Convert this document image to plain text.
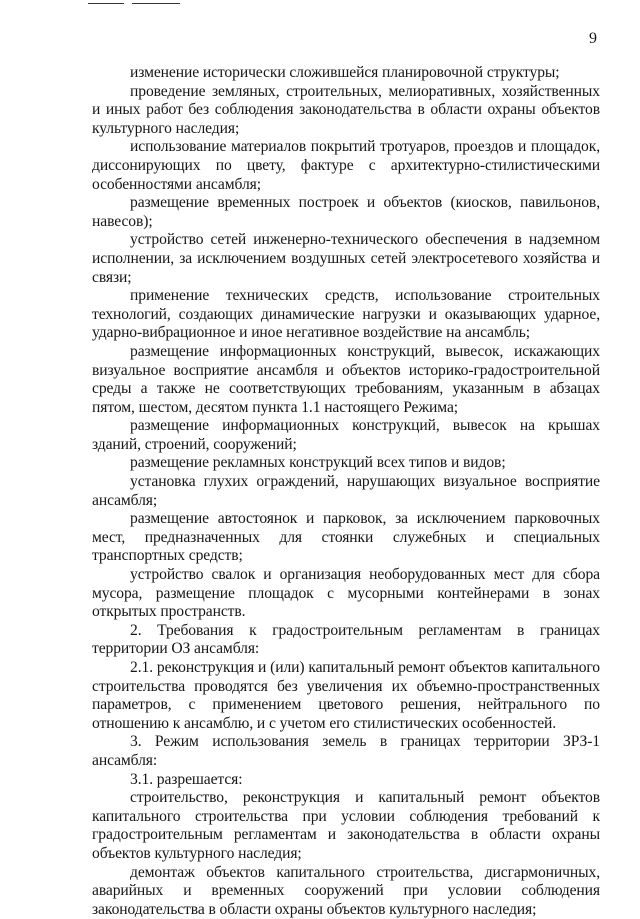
9

изменение исторически сложившейся планировочной структуры;

проведение земляных, строительных, мелиоративных, хозяйственных и иных работ без соблюдения законодательства в области охраны объектов культурного наследия;

использование материалов покрытий тротуаров, проездов и площадок, диссонирующих по цвету, фактуре с архитектурно-стилистическими особенностями ансамбля;

размещение временных построек и объектов (киосков, павильонов, навесов);

устройство сетей инженерно-технического обеспечения в надземном исполнении, за исключением воздушных сетей электросетевого хозяйства и связи;

применение технических средств, использование строительных технологий, создающих динамические нагрузки и оказывающих ударное, ударно-вибрационное и иное негативное воздействие на ансамбль;

размещение информационных конструкций, вывесок, искажающих визуальное восприятие ансамбля и объектов историко-градостроительной среды а также не соответствующих требованиям, указанным в абзацах пятом, шестом, десятом пункта 1.1 настоящего Режима;

размещение информационных конструкций, вывесок на крышах зданий, строений, сооружений;

размещение рекламных конструкций всех типов и видов;

установка глухих ограждений, нарушающих визуальное восприятие ансамбля;

размещение автостоянок и парковок, за исключением парковочных мест, предназначенных для стоянки служебных и специальных транспортных средств;

устройство свалок и организация необорудованных мест для сбора мусора, размещение площадок с мусорными контейнерами в зонах открытых пространств.

2. Требования к градостроительным регламентам в границах территории ОЗ ансамбля:

2.1. реконструкция и (или) капитальный ремонт объектов капитального строительства проводятся без увеличения их объемно-пространственных параметров, с применением цветового решения, нейтрального по отношению к ансамблю, и с учетом его стилистических особенностей.

3. Режим использования земель в границах территории ЗРЗ-1 ансамбля:

3.1. разрешается:

строительство, реконструкция и капитальный ремонт объектов капитального строительства при условии соблюдения требований к градостроительным регламентам и законодательства в области охраны объектов культурного наследия;

демонтаж объектов капитального строительства, дисгармоничных, аварийных и временных сооружений при условии соблюдения законодательства в области охраны объектов культурного наследия;
